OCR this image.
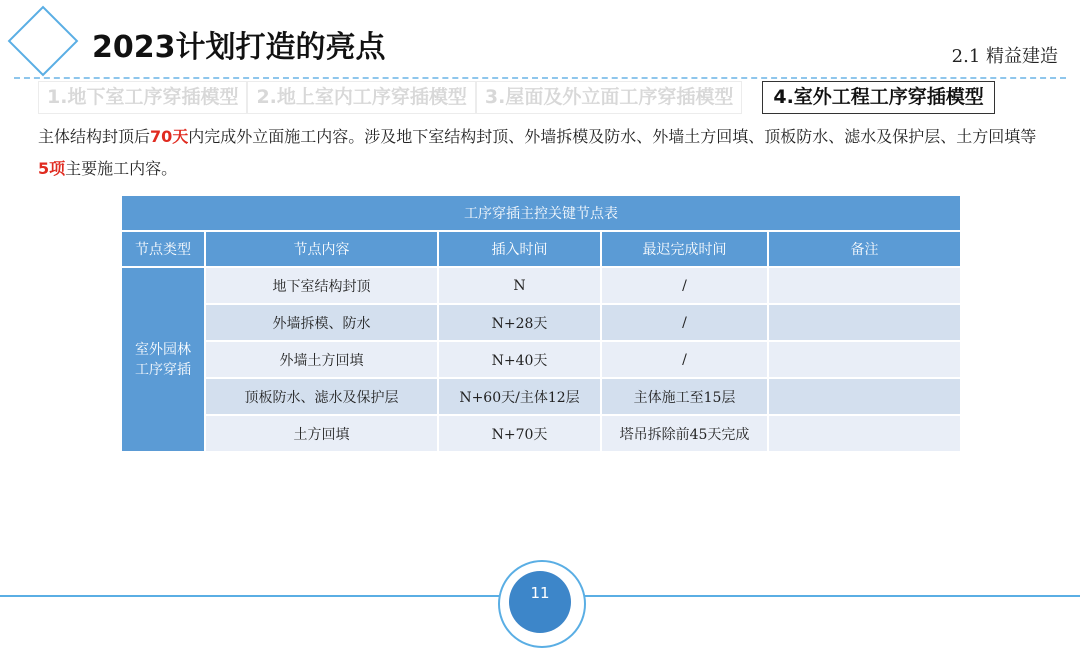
2023计划打造的亮点	2.1 精益建造
1.地下室工序穿插模型 2.地上室内工序穿插模型 3.屋面及外立面工序穿插模型	4.室外工程工序穿插模型
主体结构封顶后70天内完成外立面施工内容。涉及地下室结构封顶、外墙拆模及防水、外墙土方回填、顶板防水、滤水及保护层、土方回填等5项主要施工内容。
工序穿插主控关键节点表				
节点类型	节点内容	插入时间	最迟完成时间	备注
室外园林
工序穿插	地下室结构封顶	N	/	
	外墙拆模、防水	N+28天	/	
	外墙土方回填	N+40天	/	
	顶板防水、滤水及保护层	N+60天/主体12层	主体施工至15层	
	土方回填	N+70天	塔吊拆除前45天完成	
11
